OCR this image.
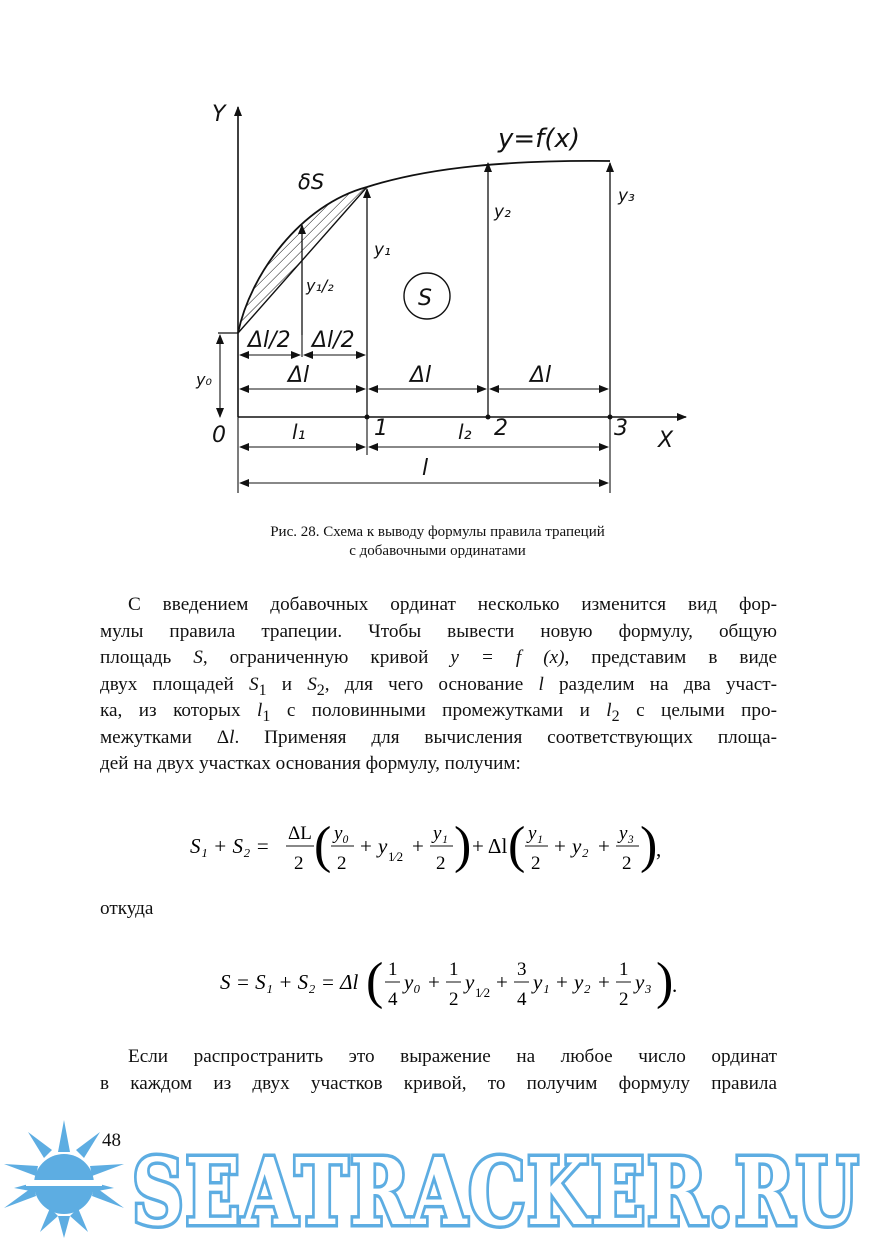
Y
X
0
y=f(x)
δS
S
y₀
y₁/₂
y₁
y₂
y₃
Δl/2 Δl/2
Δl	Δl	Δl
l₁	l₂
l
1	2	3
Рис. 28. Схема к выводу формулы правила трапеций
с добавочными ординатами
С введением добавочных ординат несколько изменится вид фор-
мулы правила трапеции. Чтобы вывести новую формулу, общую
площадь S, ограниченную кривой y = f (x), представим в виде
двух площадей $S_1$ и $S_2$, для чего основание l разделим на два участ-
ка, из которых $l_1$ с половинными промежутками и $l_2$ с целыми про-
межутками Δl. Применяя для вычисления соответствующих площа-
дей на двух участках основания формулу, получим:
S₁ + S₂ =
ΔL
2 ( y₀
2
+ y 1⁄2 +
y₁
2 ) + Δl ( y₁
2
+ y₂ +
y₃
2 )
,
откуда
S = S₁ + S₂ = Δl ( 1
4
y₀ +
1
2
y 1⁄2 +
3
4
y₁ + y₂ +
1
2
y₃ )
.
Если распространить это выражение на любое число ординат
в каждом из двух участков кривой, то получим формулу правила
48 SEATRACKER.RU
